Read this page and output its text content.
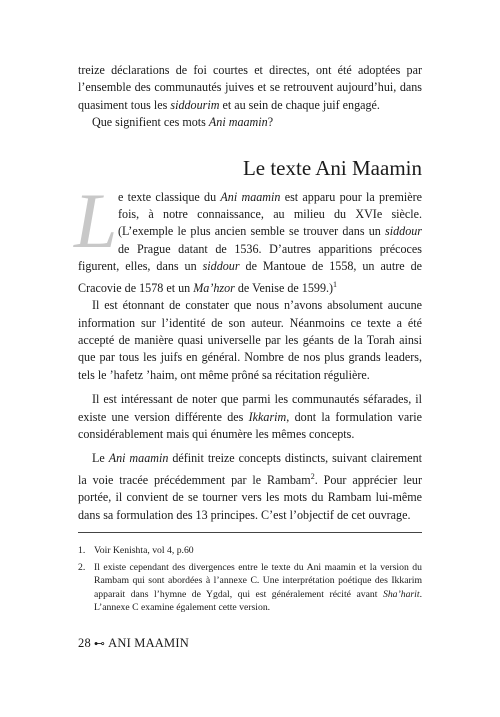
treize déclarations de foi courtes et directes, ont été adoptées par l’ensemble des communautés juives et se retrouvent aujourd’hui, dans quasiment tous les siddourim et au sein de chaque juif engagé.

Que signifient ces mots Ani maamin?

Le texte Ani Maamin
L e texte classique du Ani maamin est apparu pour la première fois, à notre connaissance, au milieu du XVIe siècle. (L’exemple le plus ancien semble se trouver dans un siddour de Prague datant de 1536. D’autres apparitions précoces figurent, elles, dans un siddour de Mantoue de 1558, un autre de Cracovie de 1578 et un Ma’hzor de Venise de 1599.)$^1$

Il est étonnant de constater que nous n’avons absolument aucune information sur l’identité de son auteur. Néanmoins ce texte a été accepté de manière quasi universelle par les géants de la Torah ainsi que par tous les juifs en général. Nombre de nos plus grands leaders, tels le ’hafetz ’haim, ont même prôné sa récitation régulière.

Il est intéressant de noter que parmi les communautés séfarades, il existe une version différente des Ikkarim, dont la formulation varie considérablement mais qui énumère les mêmes concepts.

Le Ani maamin définit treize concepts distincts, suivant clairement la voie tracée précédemment par le Rambam$^2$. Pour apprécier leur portée, il convient de se tourner vers les mots du Rambam lui-même dans sa formulation des 13 principes. C’est l’objectif de cet ouvrage.

1. Voir Kenishta, vol 4, p.60
2. Il existe cependant des divergences entre le texte du Ani maamin et la version du Rambam qui sont abordées à l’annexe C. Une interprétation poétique des Ikkarim apparait dans l’hymne de Ygdal, qui est généralement récité avant Sha’harit. L’annexe C examine également cette version.
28 ⊷ ANI MAAMIN
